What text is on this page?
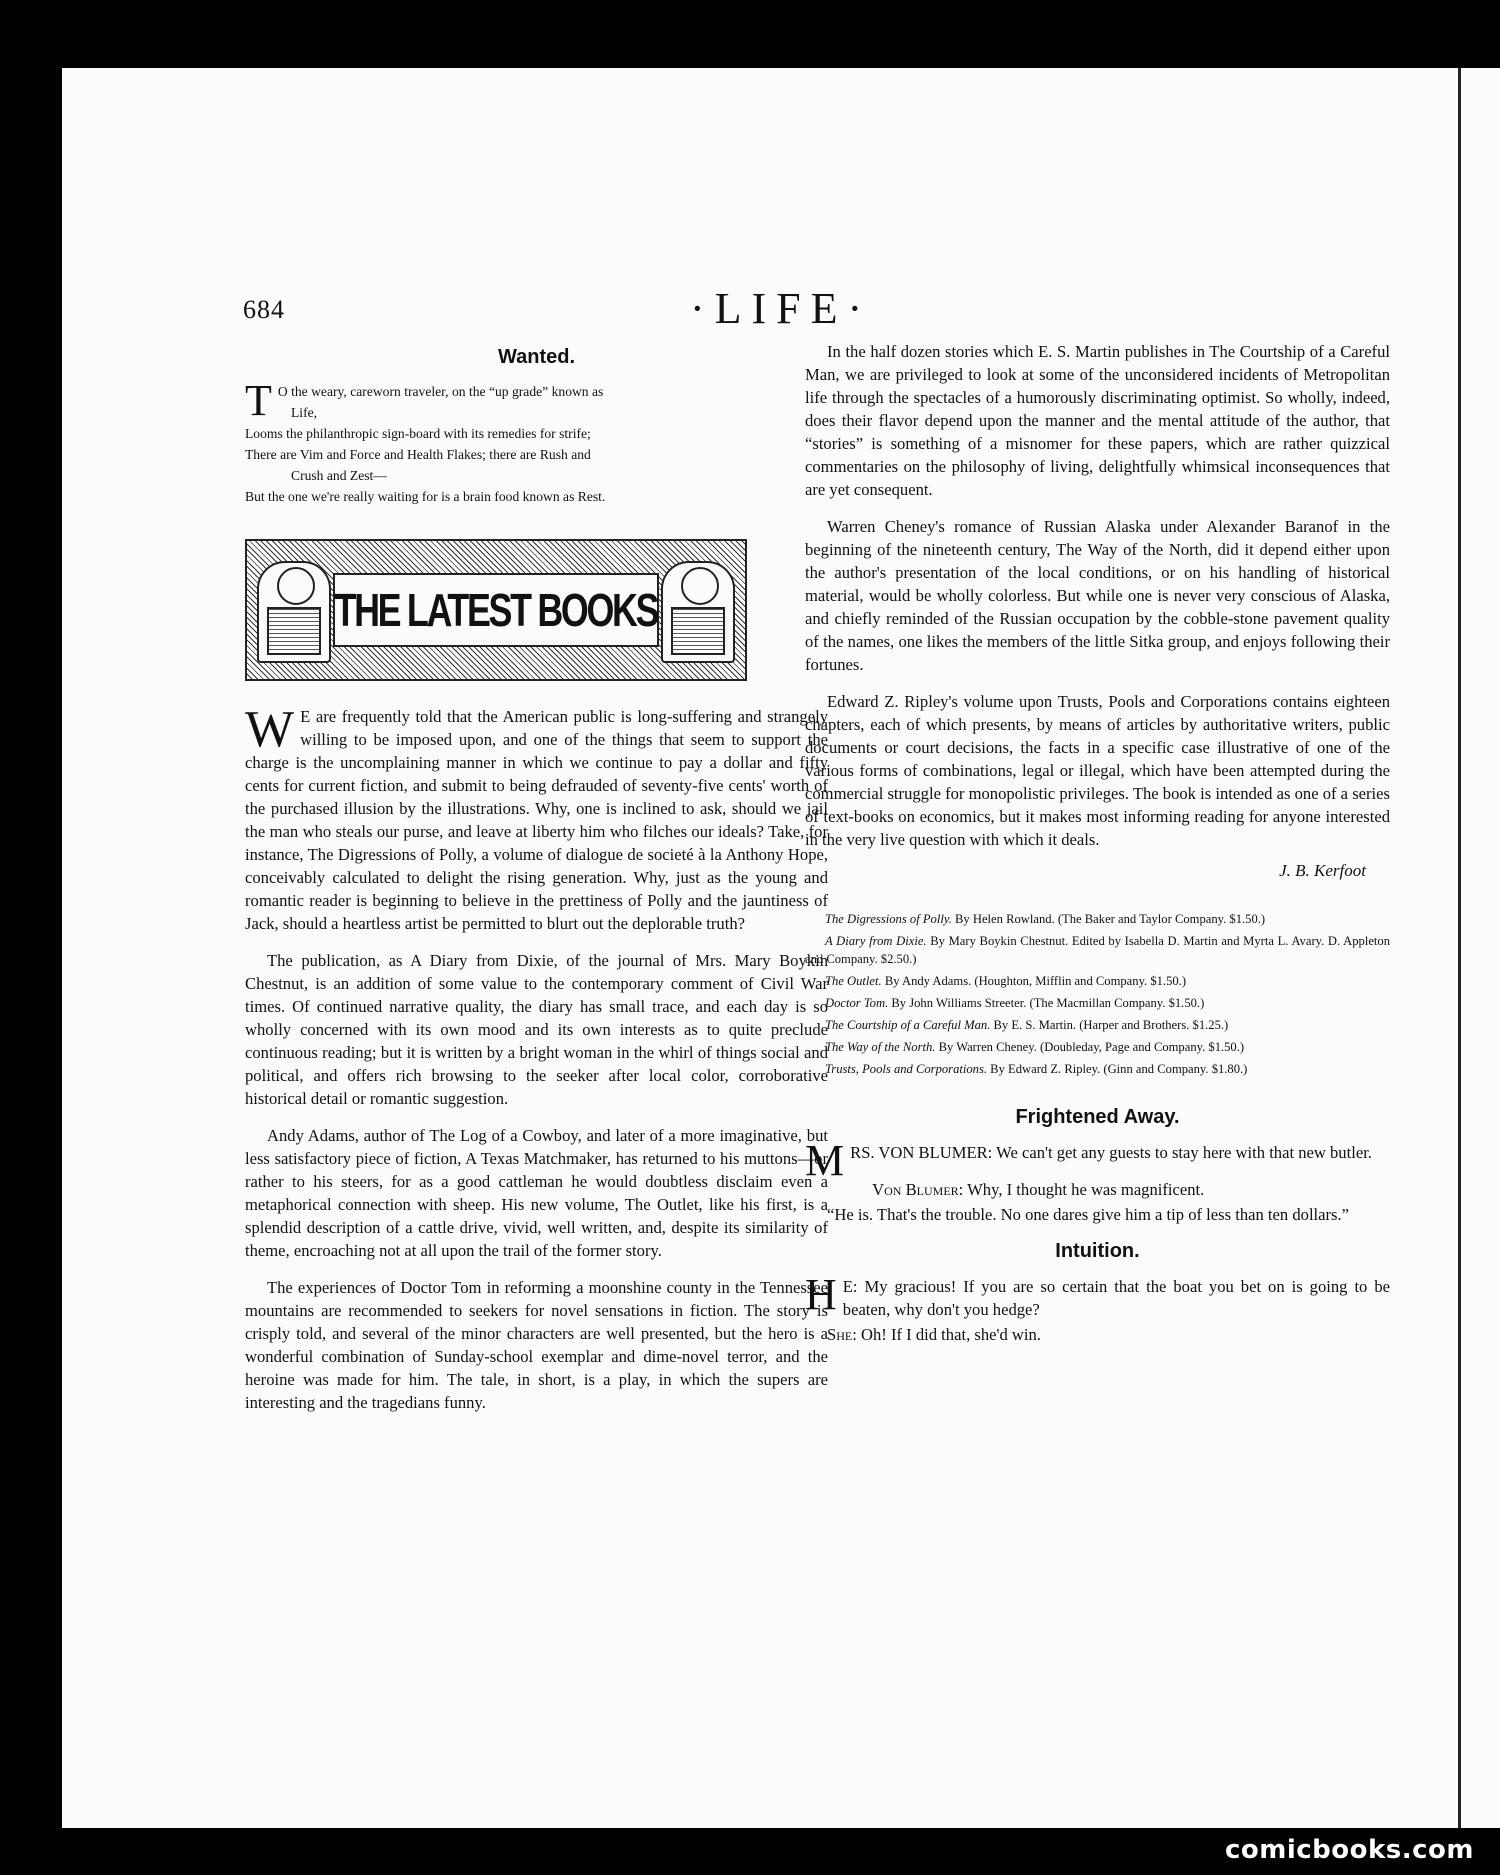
684	·LIFE·
Wanted.
T O the weary, careworn traveler, on the “up grade” known as
Life,
Looms the philanthropic sign-board with its remedies for strife;
There are Vim and Force and Health Flakes; there are Rush and
Crush and Zest—
But the one we're really waiting for is a brain food known as Rest.
THE LATEST BOOKS

W E are frequently told that the American public is long-suffering and strangely willing to be imposed upon, and one of the things that seem to support the charge is the uncomplaining manner in which we continue to pay a dollar and fifty cents for current fiction, and submit to being defrauded of seventy-five cents' worth of the purchased illusion by the illustrations. Why, one is inclined to ask, should we jail the man who steals our purse, and leave at liberty him who filches our ideals? Take, for instance, The Digressions of Polly, a volume of dialogue de societé à la Anthony Hope, conceivably calculated to delight the rising generation. Why, just as the young and romantic reader is beginning to believe in the prettiness of Polly and the jauntiness of Jack, should a heartless artist be permitted to blurt out the deplorable truth?

The publication, as A Diary from Dixie, of the journal of Mrs. Mary Boykin Chestnut, is an addition of some value to the contemporary comment of Civil War times. Of continued narrative quality, the diary has small trace, and each day is so wholly concerned with its own mood and its own interests as to quite preclude continuous reading; but it is written by a bright woman in the whirl of things social and political, and offers rich browsing to the seeker after local color, corroborative historical detail or romantic suggestion.

Andy Adams, author of The Log of a Cowboy, and later of a more imaginative, but less satisfactory piece of fiction, A Texas Matchmaker, has returned to his muttons—or rather to his steers, for as a good cattleman he would doubtless disclaim even a metaphorical connection with sheep. His new volume, The Outlet, like his first, is a splendid description of a cattle drive, vivid, well written, and, despite its similarity of theme, encroaching not at all upon the trail of the former story.

The experiences of Doctor Tom in reforming a moonshine county in the Tennessee mountains are recommended to seekers for novel sensations in fiction. The story is crisply told, and several of the minor characters are well presented, but the hero is a wonderful combination of Sunday-school exemplar and dime-novel terror, and the heroine was made for him. The tale, in short, is a play, in which the supers are interesting and the tragedians funny.

In the half dozen stories which E. S. Martin publishes in The Courtship of a Careful Man, we are privileged to look at some of the unconsidered incidents of Metropolitan life through the spectacles of a humorously discriminating optimist. So wholly, indeed, does their flavor depend upon the manner and the mental attitude of the author, that “stories” is something of a misnomer for these papers, which are rather quizzical commentaries on the philosophy of living, delightfully whimsical inconsequences that are yet consequent.

Warren Cheney's romance of Russian Alaska under Alexander Baranof in the beginning of the nineteenth century, The Way of the North, did it depend either upon the author's presentation of the local conditions, or on his handling of historical material, would be wholly colorless. But while one is never very conscious of Alaska, and chiefly reminded of the Russian occupation by the cobble-stone pavement quality of the names, one likes the members of the little Sitka group, and enjoys following their fortunes.

Edward Z. Ripley's volume upon Trusts, Pools and Corporations contains eighteen chapters, each of which presents, by means of articles by authoritative writers, public documents or court decisions, the facts in a specific case illustrative of one of the various forms of combinations, legal or illegal, which have been attempted during the commercial struggle for monopolistic privileges. The book is intended as one of a series of text-books on economics, but it makes most informing reading for anyone interested in the very live question with which it deals.

J. B. Kerfoot

The Digressions of Polly. By Helen Rowland. (The Baker and Taylor Company. $1.50.)

A Diary from Dixie. By Mary Boykin Chestnut. Edited by Isabella D. Martin and Myrta L. Avary. D. Appleton and Company. $2.50.)

The Outlet. By Andy Adams. (Houghton, Mifflin and Company. $1.50.)

Doctor Tom. By John Williams Streeter. (The Macmillan Company. $1.50.)

The Courtship of a Careful Man. By E. S. Martin. (Harper and Brothers. $1.25.)

The Way of the North. By Warren Cheney. (Doubleday, Page and Company. $1.50.)

Trusts, Pools and Corporations. By Edward Z. Ripley. (Ginn and Company. $1.80.)

Frightened Away.

MRS. VON BLUMER: We can't get any guests to stay here with that new butler.

Von Blumer: Why, I thought he was magnificent.

“He is. That's the trouble. No one dares give him a tip of less than ten dollars.”

Intuition.

H E: My gracious! If you are so certain that the boat you bet on is going to be beaten, why don't you hedge?

She: Oh! If I did that, she'd win.

comicbooks.com
